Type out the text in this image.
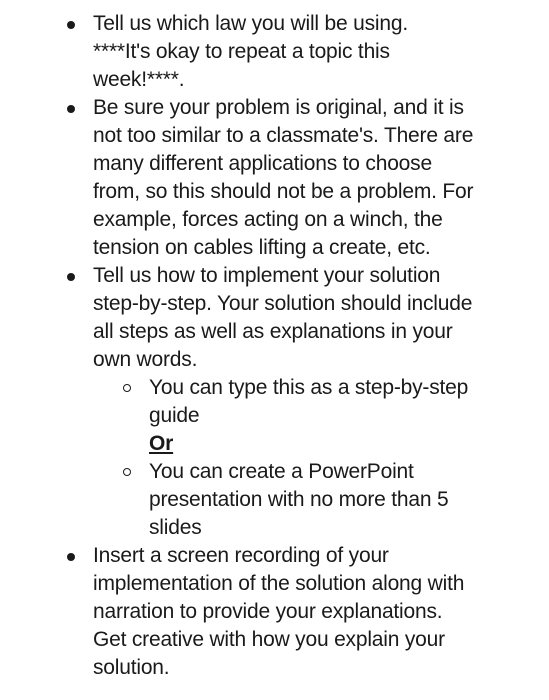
Tell us which law you will be using.
****It's okay to repeat a topic this
week!****.
Be sure your problem is original, and it is
not too similar to a classmate's. There are
many different applications to choose
from, so this should not be a problem. For
example, forces acting on a winch, the
tension on cables lifting a create, etc.
Tell us how to implement your solution
step-by-step. Your solution should include
all steps as well as explanations in your
own words.
You can type this as a step-by-step
guide
Or
You can create a PowerPoint
presentation with no more than 5
slides
Insert a screen recording of your
implementation of the solution along with
narration to provide your explanations.
Get creative with how you explain your
solution.
